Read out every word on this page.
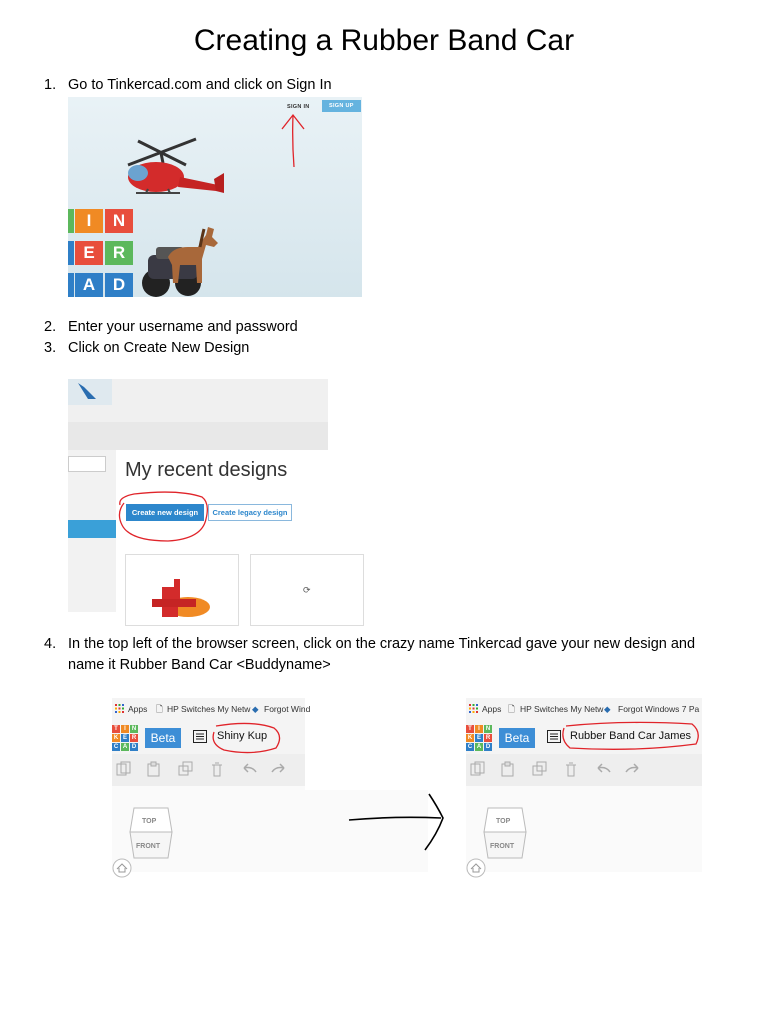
Creating a Rubber Band Car
1. Go to Tinkercad.com and click on Sign In
SIGN IN	SIGN UP
I	N
E	R
A	D
2. Enter your username and password
3. Click on Create New Design
My recent designs
Create new design	Create legacy design
⟳
4. In the top left of the browser screen, click on the crazy name Tinkercad gave your new design and name it Rubber Band Car <Buddyname>
Apps 🗋 HP Switches My Netw ◆ Forgot Wind
T	I	N
K E R
C A D
Beta	Shiny Kup
TOP
FRONT
Apps 🗋 HP Switches My Netw ◆ Forgot Windows 7 Pa
T	I	N
K E R
C A D
Beta	Rubber Band Car James
TOP
FRONT
